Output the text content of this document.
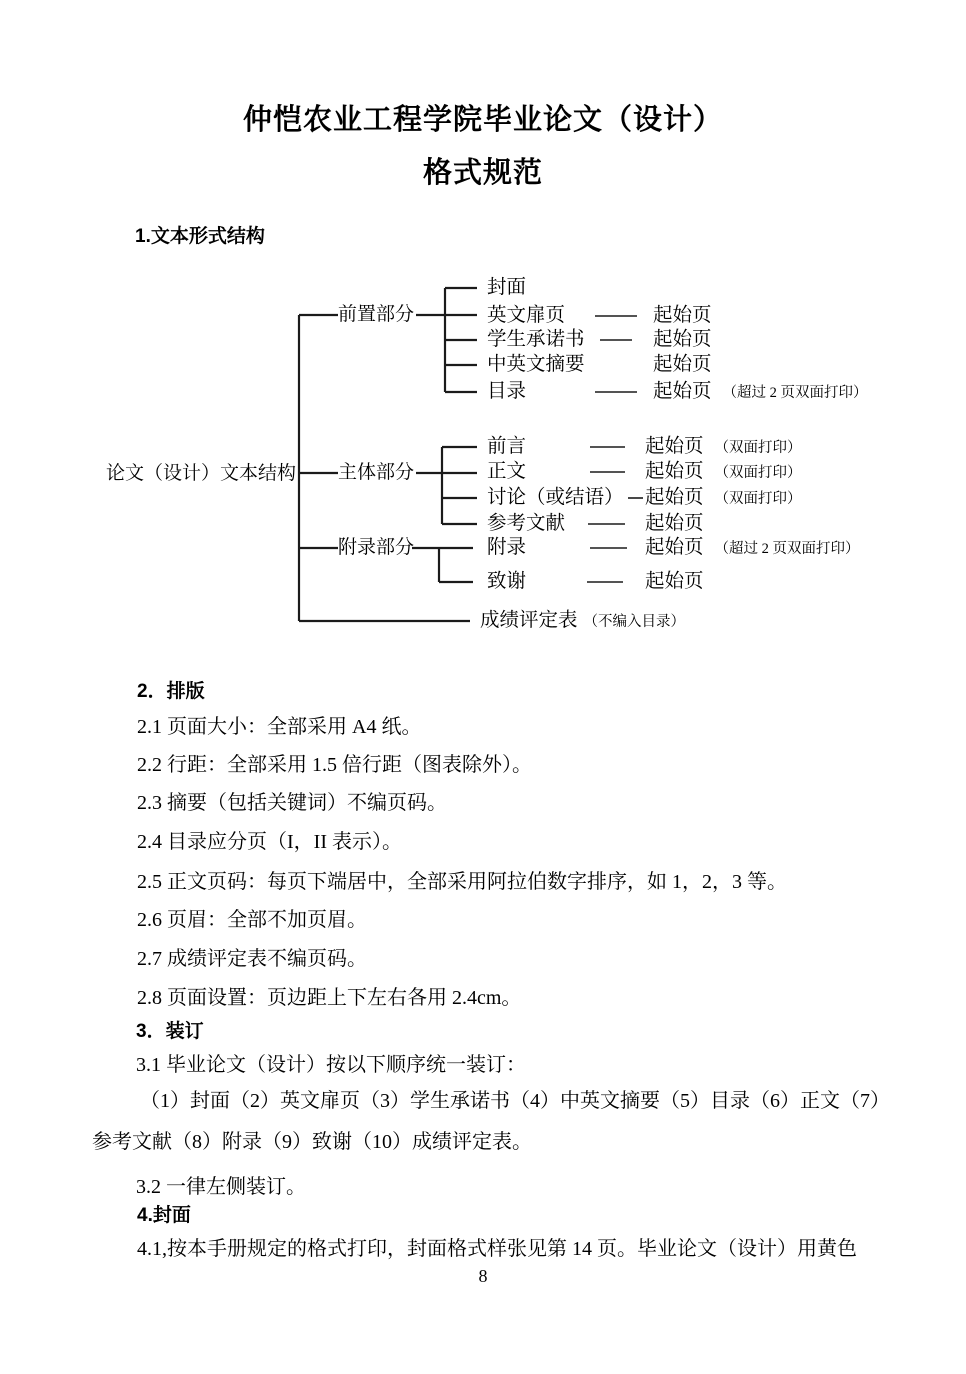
仲恺农业工程学院毕业论文（设计）
格式规范
1.文本形式结构
论文（设计）文本结构
前置部分
主体部分
附录部分
封面
英文扉页
学生承诺书
中英文摘要
目录
前言
正文
讨论（或结语）
参考文献
附录
致谢
起始页
起始页
起始页
起始页 （超过 2 页双面打印）
起始页 （双面打印）
起始页 （双面打印）
起始页 （双面打印）
起始页
起始页 （超过 2 页双面打印）
起始页
成绩评定表 （不编入目录）
2．排版
2.1 页面大小：全部采用 A4 纸。
2.2 行距：全部采用 1.5 倍行距（图表除外）。
2.3 摘要（包括关键词）不编页码。
2.4 目录应分页（I，II 表示）。
2.5 正文页码：每页下端居中，全部采用阿拉伯数字排序，如 1，2，3 等。
2.6 页眉：全部不加页眉。
2.7 成绩评定表不编页码。
2.8 页面设置：页边距上下左右各用 2.4cm。
3．装订
3.1 毕业论文（设计）按以下顺序统一装订：
（1）封面（2）英文扉页（3）学生承诺书（4）中英文摘要（5）目录（6）正文（7）
参考文献（8）附录（9）致谢（10）成绩评定表。
3.2 一律左侧装订。
4.封面
4.1,按本手册规定的格式打印，封面格式样张见第 14 页。毕业论文（设计）用黄色
8
